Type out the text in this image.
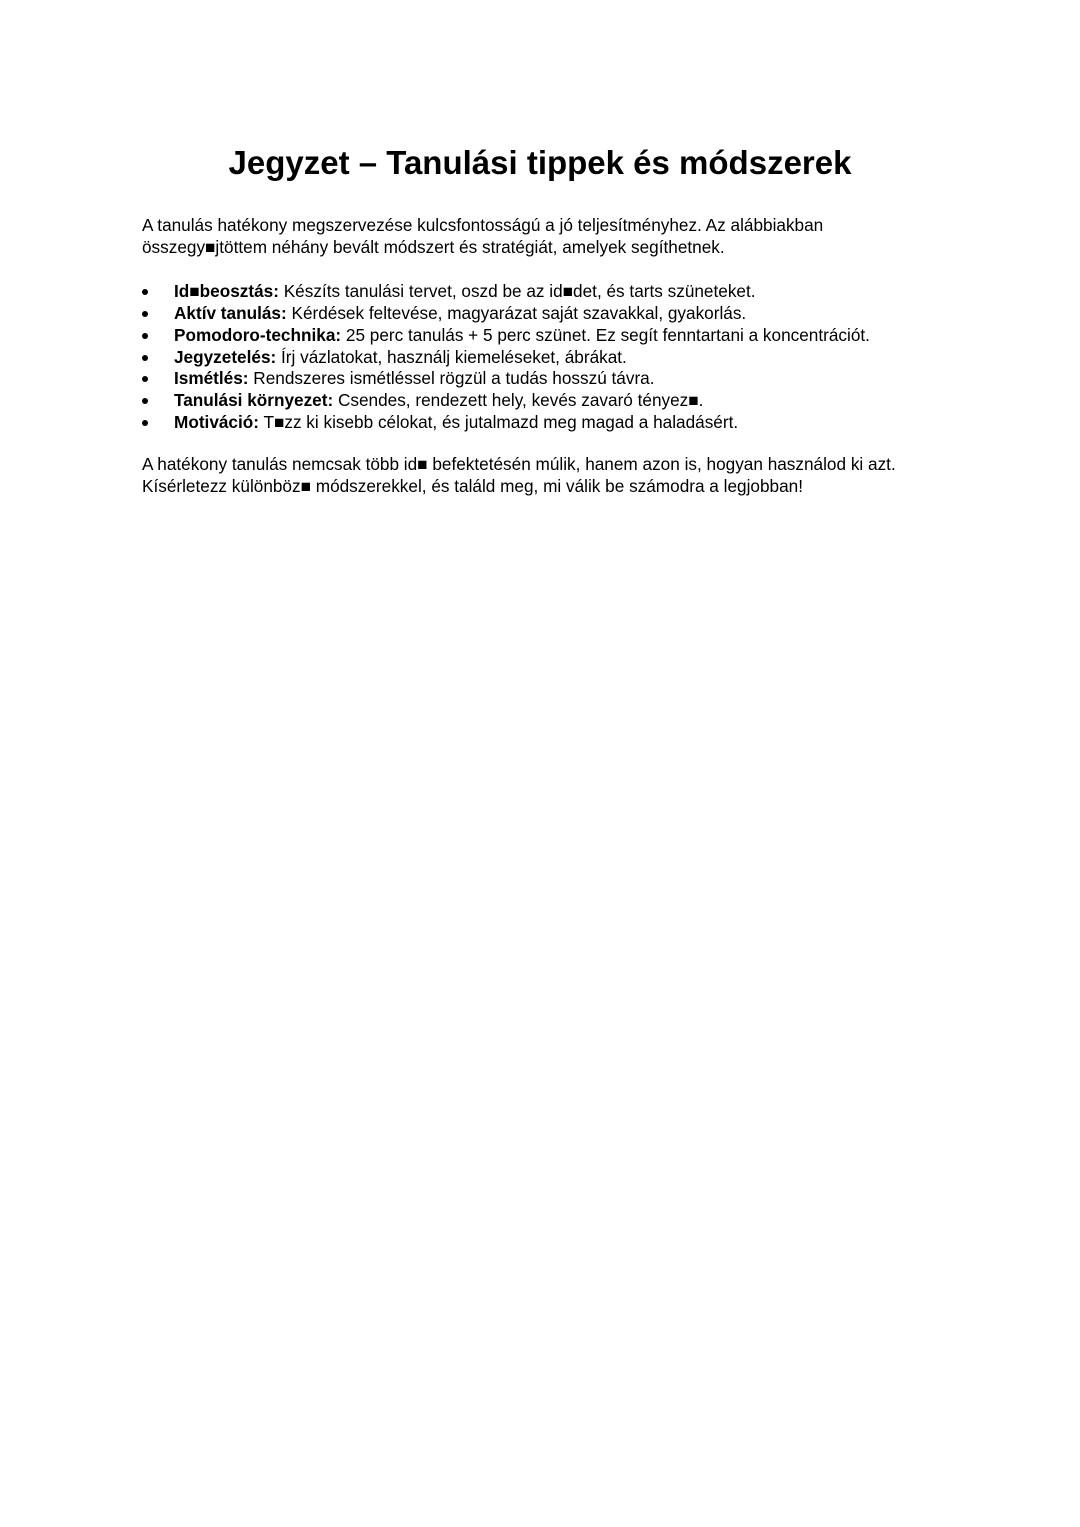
Jegyzet – Tanulási tippek és módszerek

A tanulás hatékony megszervezése kulcsfontosságú a jó teljesítményhez. Az alábbiakban
összegy■jtöttem néhány bevált módszert és stratégiát, amelyek segíthetnek.

Id■beosztás: Készíts tanulási tervet, oszd be az id■det, és tarts szüneteket.
Aktív tanulás: Kérdések feltevése, magyarázat saját szavakkal, gyakorlás.
Pomodoro-technika: 25 perc tanulás + 5 perc szünet. Ez segít fenntartani a koncentrációt.
Jegyzetelés: Írj vázlatokat, használj kiemeléseket, ábrákat.
Ismétlés: Rendszeres ismétléssel rögzül a tudás hosszú távra.
Tanulási környezet: Csendes, rendezett hely, kevés zavaró tényez■.
Motiváció: T■zz ki kisebb célokat, és jutalmazd meg magad a haladásért.

A hatékony tanulás nemcsak több id■ befektetésén múlik, hanem azon is, hogyan használod ki azt.
Kísérletezz különböz■ módszerekkel, és találd meg, mi válik be számodra a legjobban!
